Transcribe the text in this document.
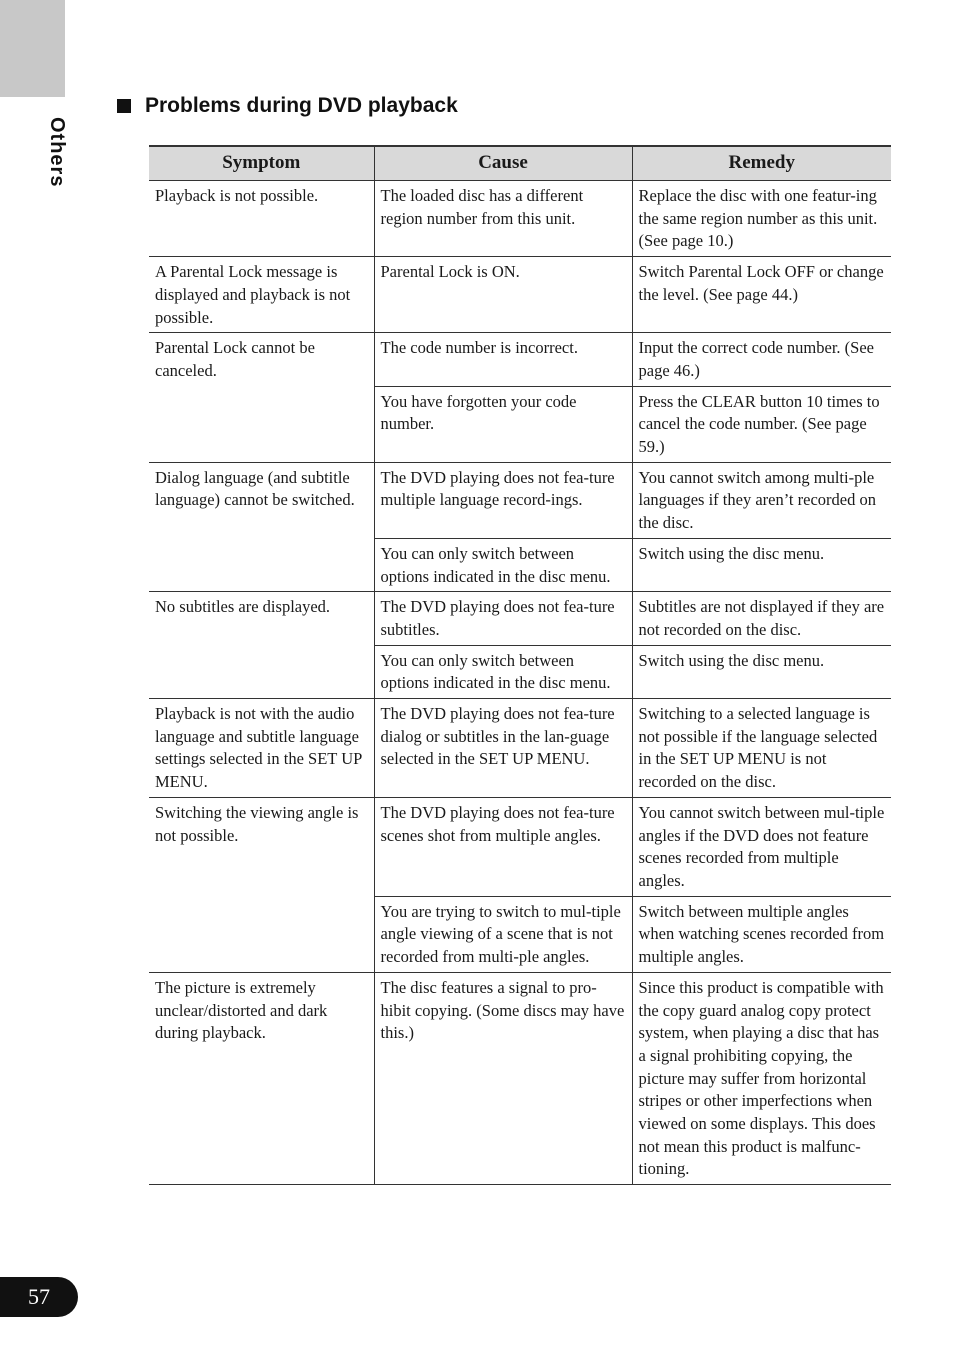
Others
Problems during DVD playback
Symptom	Cause	Remedy
Playback is not possible.	The loaded disc has a different region number from this unit.	Replace the disc with one featur-ing the same region number as this unit. (See page 10.)
A Parental Lock message is displayed and playback is not possible.	Parental Lock is ON.	Switch Parental Lock OFF or change the level. (See page 44.)
Parental Lock cannot be canceled.	The code number is incorrect.	Input the correct code number. (See page 46.)
	You have forgotten your code number.	Press the CLEAR button 10 times to cancel the code number. (See page 59.)
Dialog language (and subtitle language) cannot be switched.	The DVD playing does not fea-ture multiple language record-ings.	You cannot switch among multi-ple languages if they aren’t recorded on the disc.
	You can only switch between options indicated in the disc menu.	Switch using the disc menu.
No subtitles are displayed.	The DVD playing does not fea-ture subtitles.	Subtitles are not displayed if they are not recorded on the disc.
	You can only switch between options indicated in the disc menu.	Switch using the disc menu.
Playback is not with the audio language and subtitle language settings selected in the SET UP MENU.	The DVD playing does not fea-ture dialog or subtitles in the lan-guage selected in the SET UP MENU.	Switching to a selected language is not possible if the language selected in the SET UP MENU is not recorded on the disc.
Switching the viewing angle is not possible.	The DVD playing does not fea-ture scenes shot from multiple angles.	You cannot switch between mul-tiple angles if the DVD does not feature scenes recorded from multiple angles.
	You are trying to switch to mul-tiple angle viewing of a scene that is not recorded from multi-ple angles.	Switch between multiple angles when watching scenes recorded from multiple angles.
The picture is extremely unclear/distorted and dark during playback.	The disc features a signal to pro-hibit copying. (Some discs may have this.)	Since this product is compatible with the copy guard analog copy protect system, when playing a disc that has a signal prohibiting copying, the picture may suffer from horizontal stripes or other imperfections when viewed on some displays. This does not mean this product is malfunc-tioning.
57
